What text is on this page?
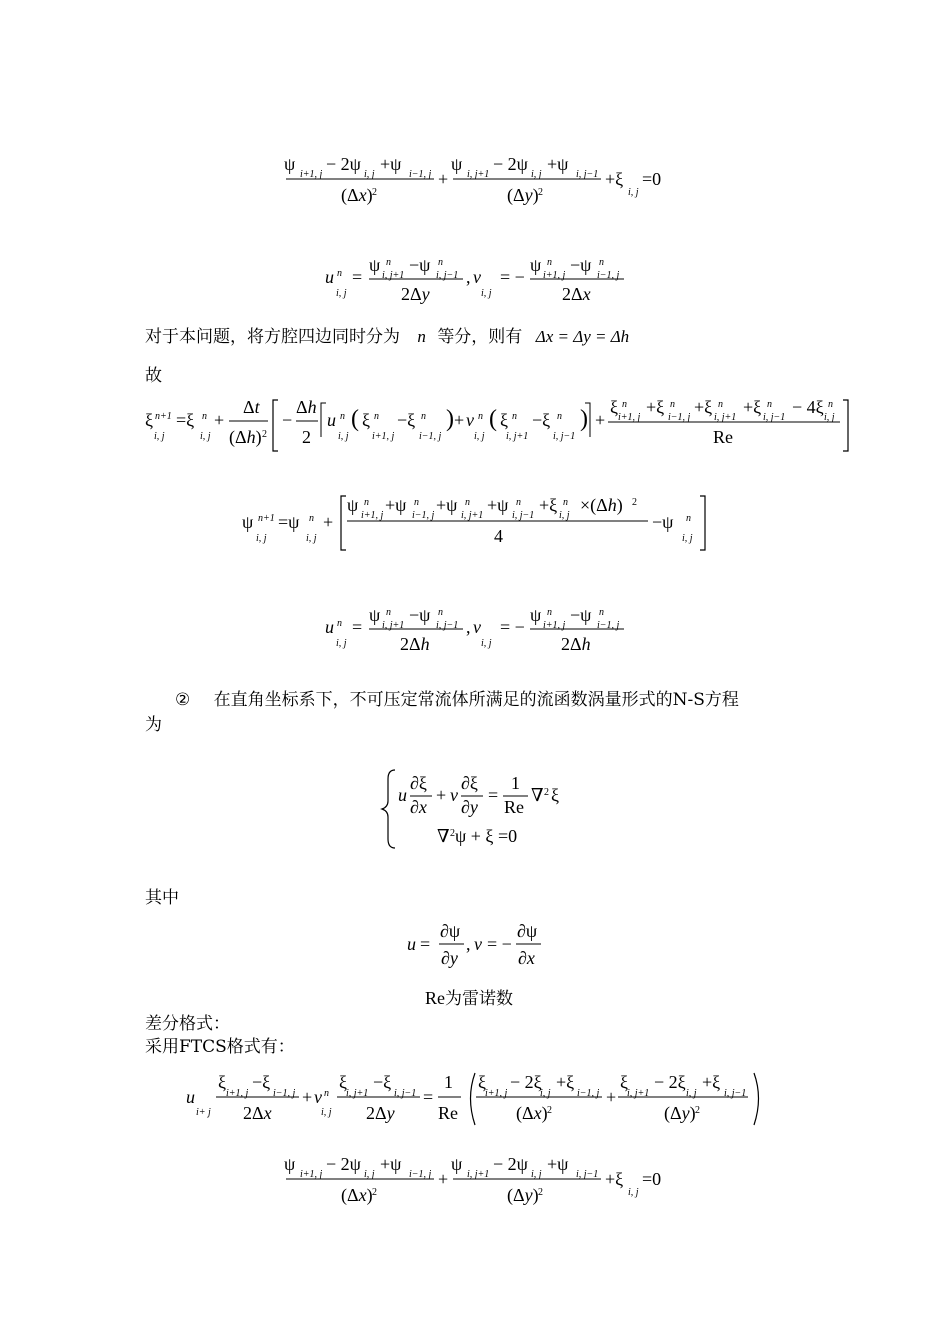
ψ
i+1, j
− 2ψ
i, j
+ψ
i−1, j
(Δx) 2
+
ψ
i, j+1
− 2ψ
i, j
+ψ
i, j−1
(Δy) 2
+ξ
i, j
=0
u n
i, j
=
ψ n
i, j+1
−ψ n
i, j−1
2Δy
, v
i, j
= −
ψ n
i+1, j
−ψ n
i−1, j
2Δx
对于本问题，将方腔四边同时分为 n 等分，则有 Δx = Δy = Δh
故
ξ n+1
i, j
=ξ n
i, j
+
Δt
(Δh) 2
−
Δh
2
u n
i, j
( ξ n
i+1, j
−ξ n
i−1, j
) + v n
i, j
( ξ n
i, j+1
−ξ n
i, j−1
) +
ξ n
i+1, j
+ξ n
i−1, j
+ξ n
i, j+1
+ξ n
i, j−1
− 4ξ n
i, j
Re
ψ n+1
i, j
=ψ n
i, j
+
ψ n
i+1, j
+ψ n
i−1, j
+ψ n
i, j+1
+ψ n
i, j−1
+ξ n
i, j
×(Δh) 2
4
−ψ n
i, j
u n
i, j
=
ψ n
i, j+1
−ψ n
i, j−1
2Δh
, v
i, j
= −
ψ n
i+1, j
−ψ n
i−1, j
2Δh
② 在直角坐标系下，不可压定常流体所满足的流函数涡量形式的N-S方程
为
u
∂ξ
∂x
+ v
∂ξ
∂y
=
1
Re
∇ 2 ξ
∇ 2 ψ + ξ =0
其中
u =
∂ψ
∂y
, v = −
∂ψ
∂x
Re为雷诺数
差分格式：
采用FTCS格式有：
u
i+ j
ξ
i+1, j
−ξ
i−1, j
2Δx
+ v n
i, j
ξ
i, j+1
−ξ
i, j−1
2Δy
=
1
Re
ξ
i+1, j
− 2ξ
i, j
+ξ
i−1, j
(Δx) 2
+
ξ
i, j+1
− 2ξ
i, j
+ξ
i, j−1
(Δy) 2
ψ
i+1, j
− 2ψ
i, j
+ψ
i−1, j
(Δx) 2
+
ψ
i, j+1
− 2ψ
i, j
+ψ
i, j−1
(Δy) 2
+ξ
i, j
=0
